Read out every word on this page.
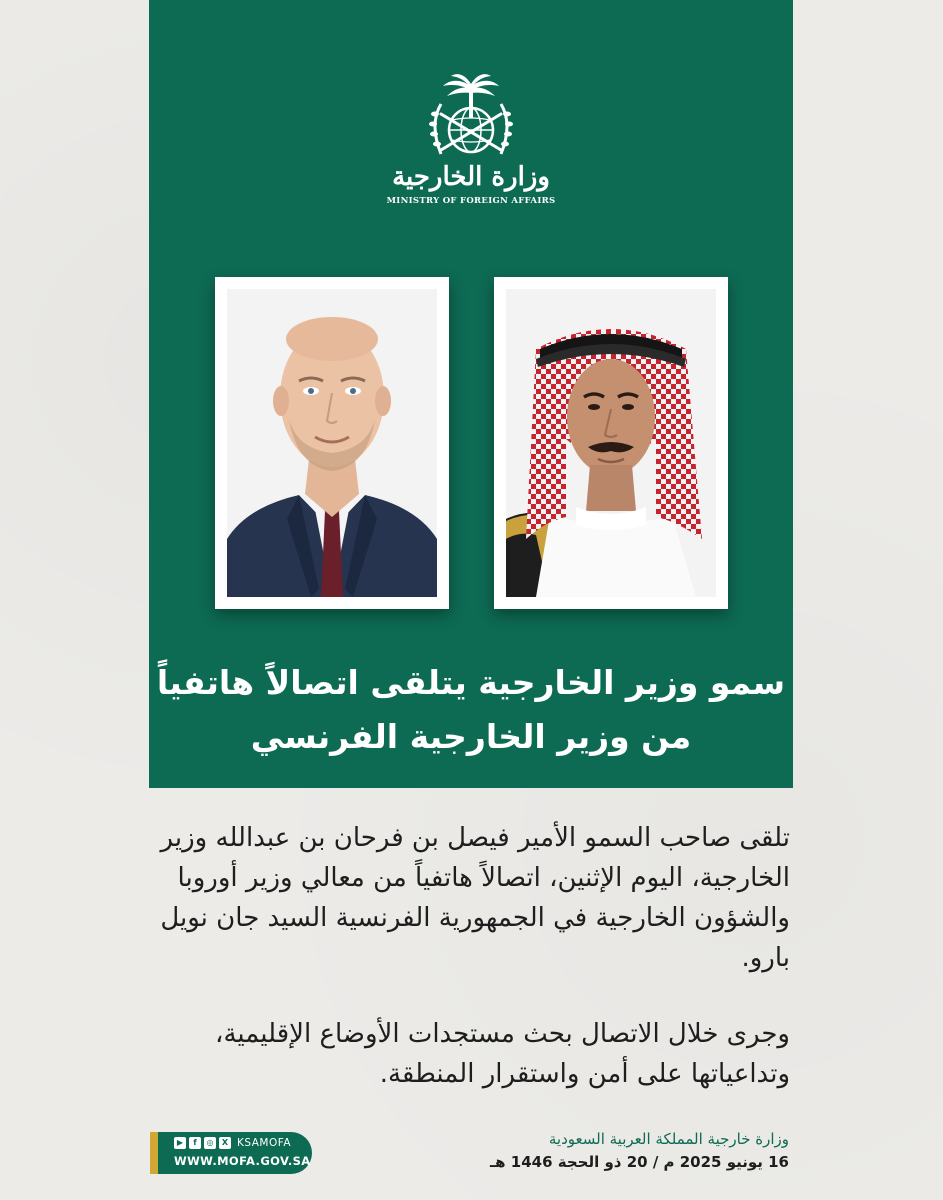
وزارة الخارجية
MINISTRY OF FOREIGN AFFAIRS
سمو وزير الخارجية يتلقى اتصالاً هاتفياً
من وزير الخارجية الفرنسي

تلقى صاحب السمو الأمير فيصل بن فرحان بن عبدالله وزير الخارجية، اليوم الإثنين، اتصالاً هاتفياً من معالي وزير أوروبا والشؤون الخارجية في الجمهورية الفرنسية السيد جان نويل بارو.

وجرى خلال الاتصال بحث مستجدات الأوضاع الإقليمية، وتداعياتها على أمن واستقرار المنطقة.

▶	f	◎	X KSAMOFA
WWW.MOFA.GOV.SA
وزارة خارجية المملكة العربية السعودية
16 يونيو 2025 م / 20 ذو الحجة 1446 هـ
